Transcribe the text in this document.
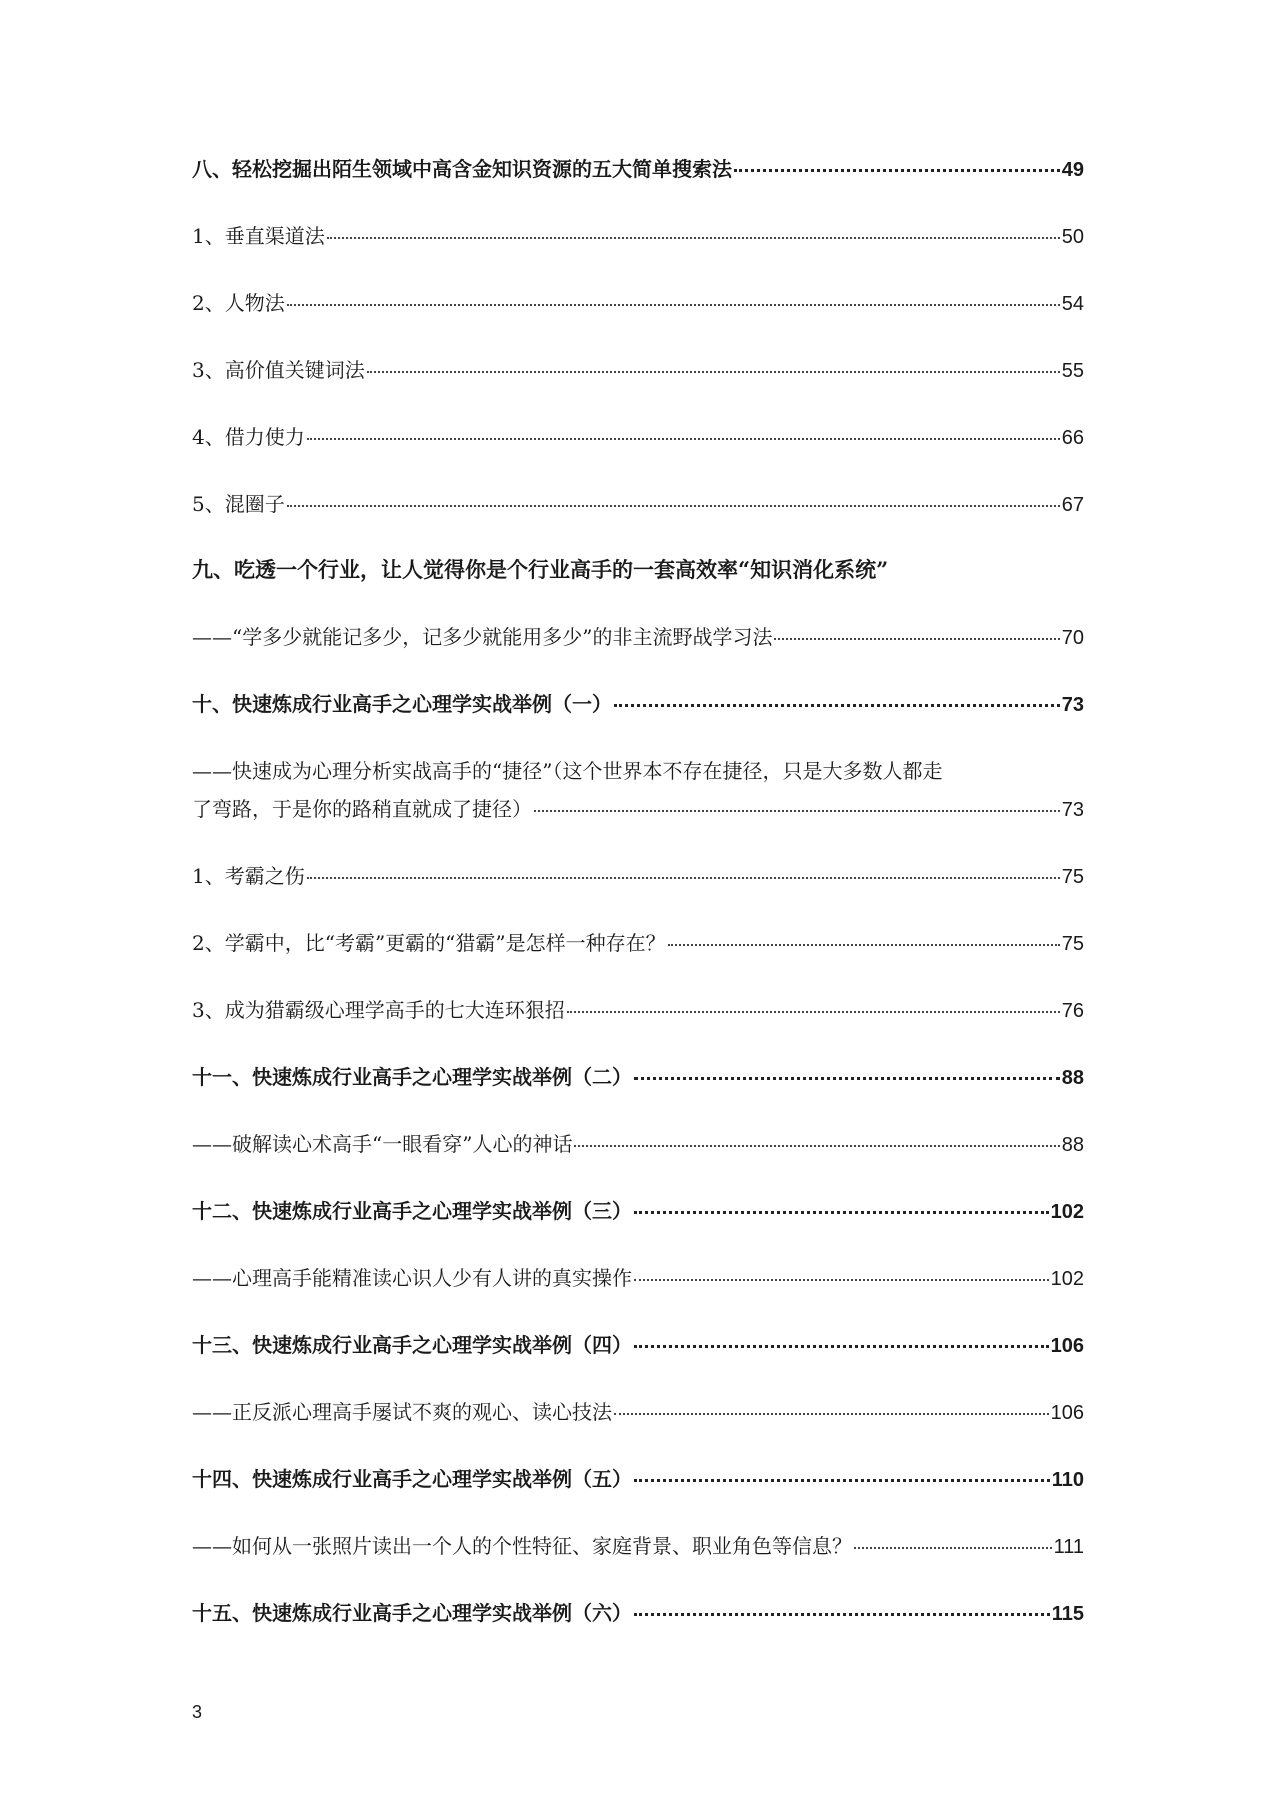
八、轻松挖掘出陌生领域中高含金知识资源的五大简单搜索法	49
1、垂直渠道法	50
2、人物法	54
3、高价值关键词法	55
4、借力使力	66
5、混圈子	67
九、吃透一个行业，让人觉得你是个行业高手的一套高效率“知识消化系统”
——“学多少就能记多少，记多少就能用多少”的非主流野战学习法	70
十、快速炼成行业高手之心理学实战举例（一）	73
——快速成为心理分析实战高手的“捷径”（这个世界本不存在捷径，只是大多数人都走
了弯路，于是你的路稍直就成了捷径）	73
1、考霸之伤	75
2、学霸中，比“考霸”更霸的“猎霸”是怎样一种存在？	75
3、成为猎霸级心理学高手的七大连环狠招	76
十一、快速炼成行业高手之心理学实战举例（二）	88
——破解读心术高手“一眼看穿”人心的神话	88
十二、快速炼成行业高手之心理学实战举例（三）	102
——心理高手能精准读心识人少有人讲的真实操作	102
十三、快速炼成行业高手之心理学实战举例（四）	106
——正反派心理高手屡试不爽的观心、读心技法	106
十四、快速炼成行业高手之心理学实战举例（五）	110
——如何从一张照片读出一个人的个性特征、家庭背景、职业角色等信息？	111
十五、快速炼成行业高手之心理学实战举例（六）	115
3
